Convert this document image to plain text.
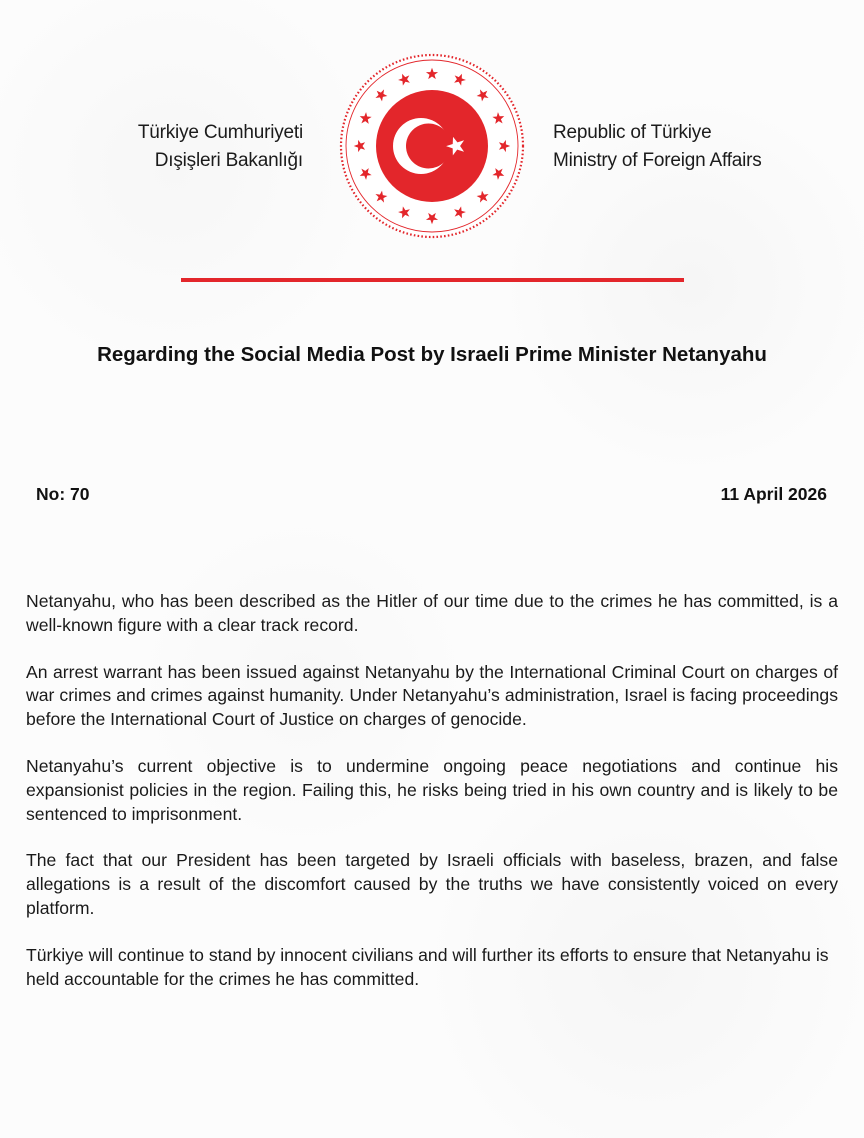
Türkiye Cumhuriyeti
Dışişleri Bakanlığı
Republic of Türkiye
Ministry of Foreign Affairs
Regarding the Social Media Post by Israeli Prime Minister Netanyahu
No: 70	11 April 2026

Netanyahu, who has been described as the Hitler of our time due to the crimes he has committed, is a well-known figure with a clear track record.

An arrest warrant has been issued against Netanyahu by the International Criminal Court on charges of war crimes and crimes against humanity. Under Netanyahu’s administration, Israel is facing proceedings before the International Court of Justice on charges of genocide.

Netanyahu’s current objective is to undermine ongoing peace negotiations and continue his expansionist policies in the region. Failing this, he risks being tried in his own country and is likely to be sentenced to imprisonment.

The fact that our President has been targeted by Israeli officials with baseless, brazen, and false allegations is a result of the discomfort caused by the truths we have consistently voiced on every platform.

Türkiye will continue to stand by innocent civilians and will further its efforts to ensure that Netanyahu is held accountable for the crimes he has committed.
